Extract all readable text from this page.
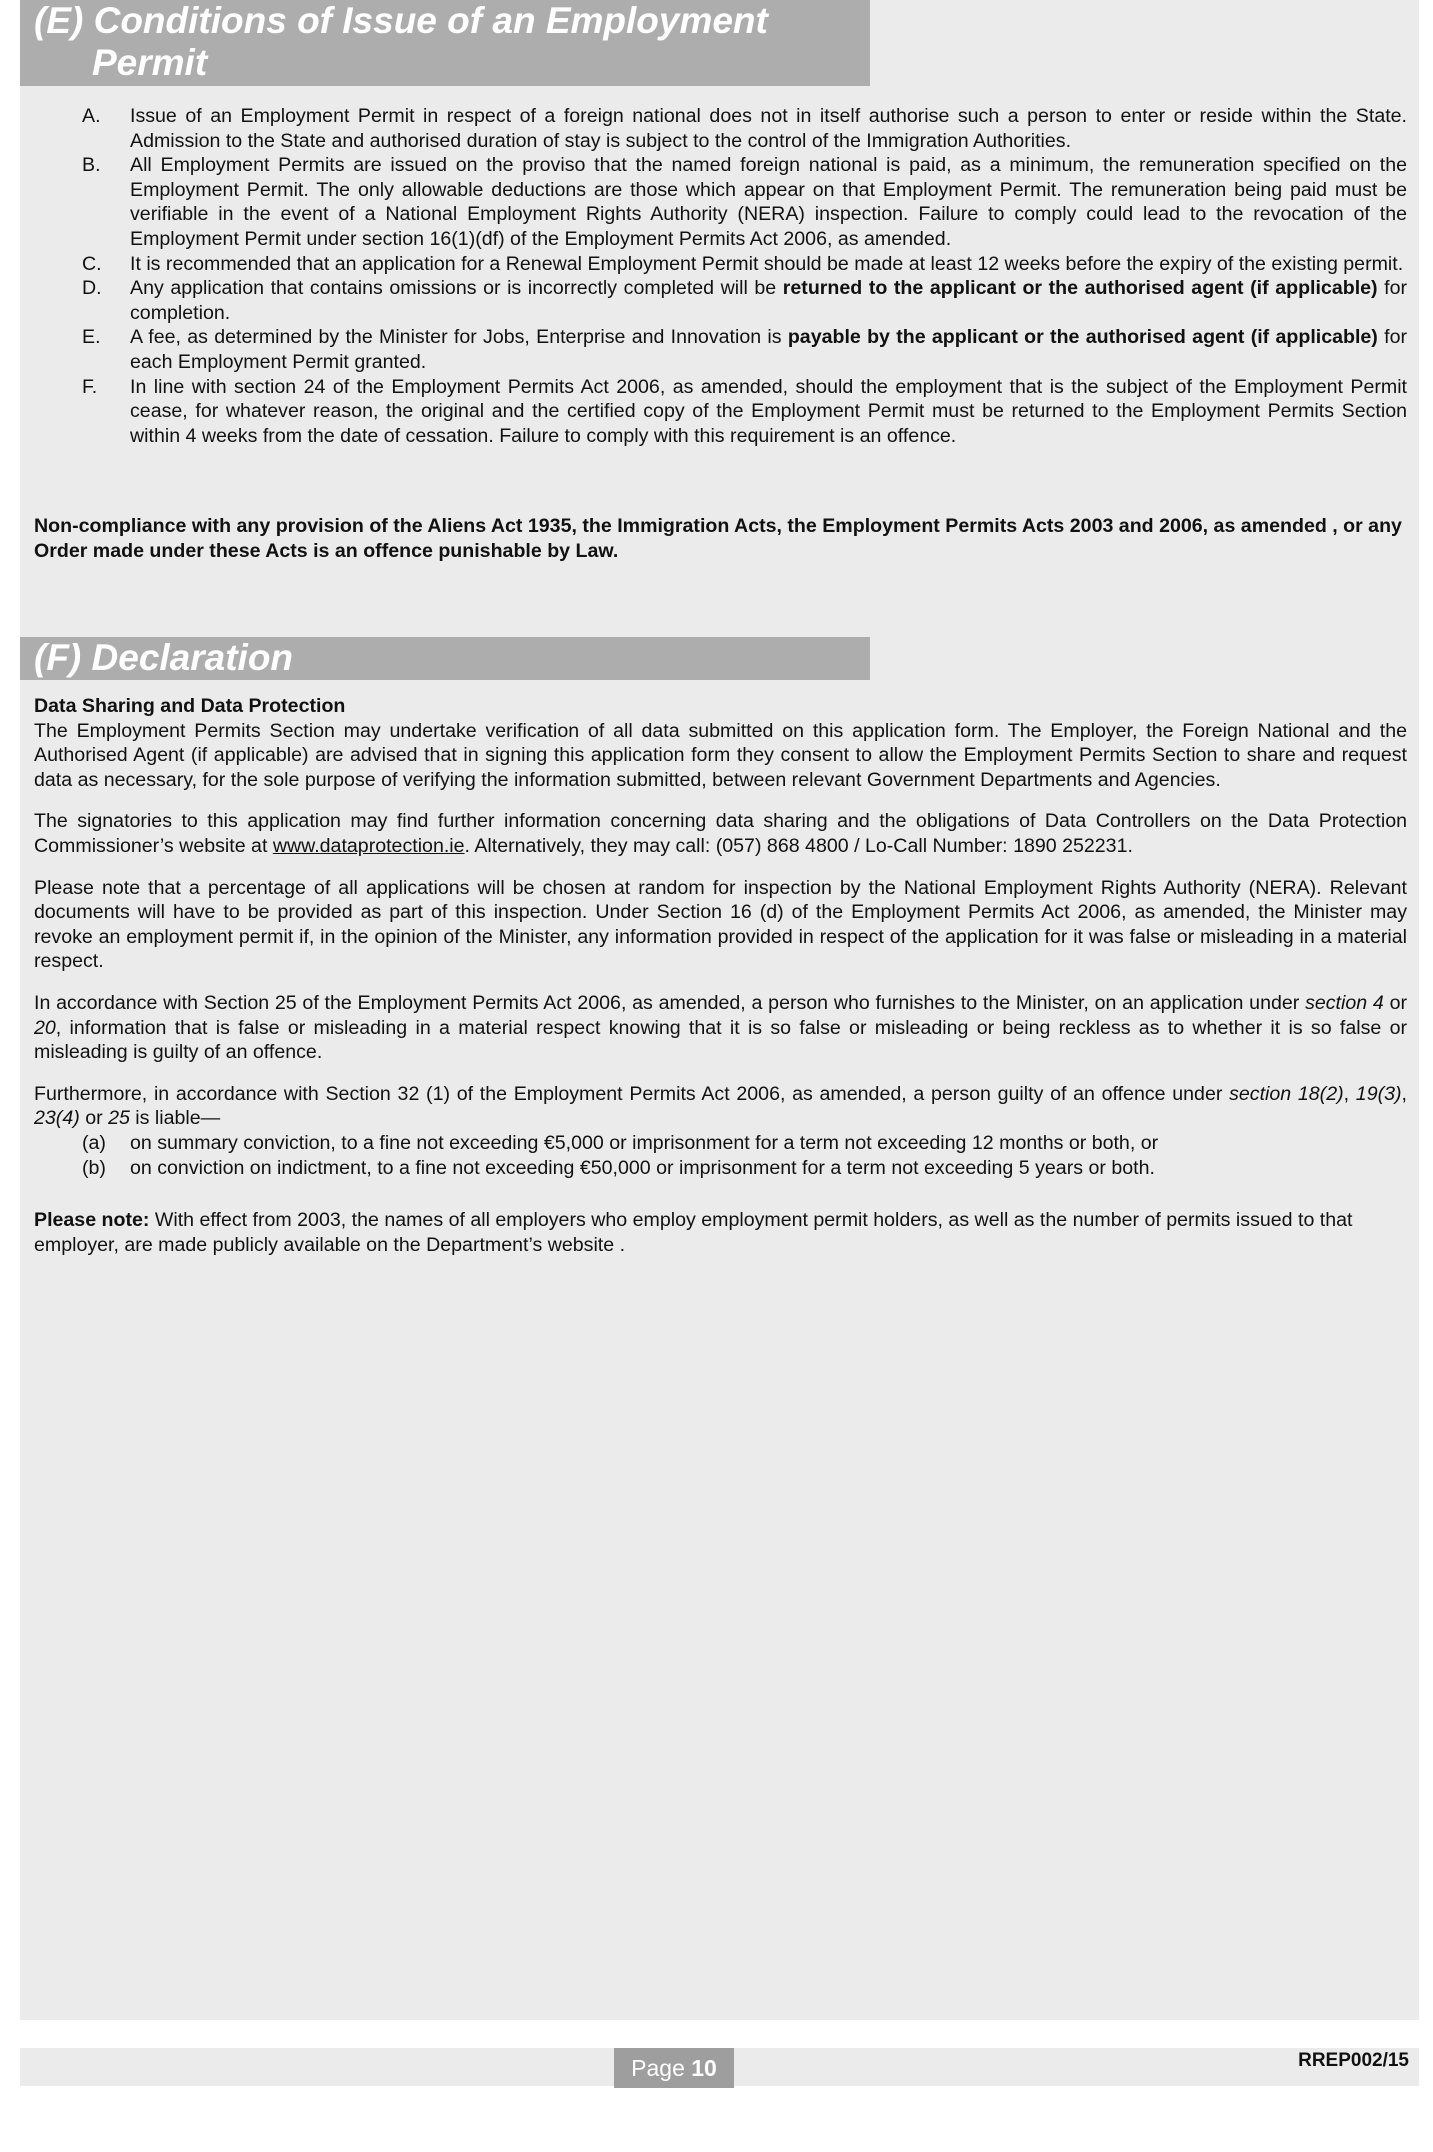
(E) Conditions of Issue of an Employment
Permit
A.	Issue of an Employment Permit in respect of a foreign national does not in itself authorise such a person to enter or reside within the State. Admission to the State and authorised duration of stay is subject to the control of the Immigration Authorities.
B.	All Employment Permits are issued on the proviso that the named foreign national is paid, as a minimum, the remuneration specified on the Employment Permit. The only allowable deductions are those which appear on that Employment Permit. The remuneration being paid must be verifiable in the event of a National Employment Rights Authority (NERA) inspection. Failure to comply could lead to the revocation of the Employment Permit under section 16(1)(df) of the Employment Permits Act 2006, as amended.
C.	It is recommended that an application for a Renewal Employment Permit should be made at least 12 weeks before the expiry of the existing permit.
D.	Any application that contains omissions or is incorrectly completed will be returned to the applicant or the authorised agent (if applicable) for completion.
E.	A fee, as determined by the Minister for Jobs, Enterprise and Innovation is payable by the applicant or the authorised agent (if applicable) for each Employment Permit granted.
F.	In line with section 24 of the Employment Permits Act 2006, as amended, should the employment that is the subject of the Employment Permit cease, for whatever reason, the original and the certified copy of the Employment Permit must be returned to the Employment Permits Section within 4 weeks from the date of cessation. Failure to comply with this requirement is an offence.
Non-compliance with any provision of the Aliens Act 1935, the Immigration Acts, the Employment Permits Acts 2003 and 2006, as amended , or any Order made under these Acts is an offence punishable by Law.
(F) Declaration
Data Sharing and Data Protection

The Employment Permits Section may undertake verification of all data submitted on this application form. The Employer, the Foreign National and the Authorised Agent (if applicable) are advised that in signing this application form they consent to allow the Employment Permits Section to share and request data as necessary, for the sole purpose of verifying the information submitted, between relevant Government Departments and Agencies.

The signatories to this application may find further information concerning data sharing and the obligations of Data Controllers on the Data Protection Commissioner’s website at www.dataprotection.ie. Alternatively, they may call: (057) 868 4800 / Lo-Call Number: 1890 252231.

Please note that a percentage of all applications will be chosen at random for inspection by the National Employment Rights Authority (NERA). Relevant documents will have to be provided as part of this inspection. Under Section 16 (d) of the Employment Permits Act 2006, as amended, the Minister may revoke an employment permit if, in the opinion of the Minister, any information provided in respect of the application for it was false or misleading in a material respect.

In accordance with Section 25 of the Employment Permits Act 2006, as amended, a person who furnishes to the Minister, on an application under section 4 or 20, information that is false or misleading in a material respect knowing that it is so false or misleading or being reckless as to whether it is so false or misleading is guilty of an offence.

Furthermore, in accordance with Section 32 (1) of the Employment Permits Act 2006, as amended, a person guilty of an offence under section 18(2), 19(3), 23(4) or 25 is liable—

(a)	on summary conviction, to a fine not exceeding €5,000 or imprisonment for a term not exceeding 12 months or both, or
(b)	on conviction on indictment, to a fine not exceeding €50,000 or imprisonment for a term not exceeding 5 years or both.

Please note: With effect from 2003, the names of all employers who employ employment permit holders, as well as the number of permits issued to that employer, are made publicly available on the Department’s website .

Page 10	RREP002/15
